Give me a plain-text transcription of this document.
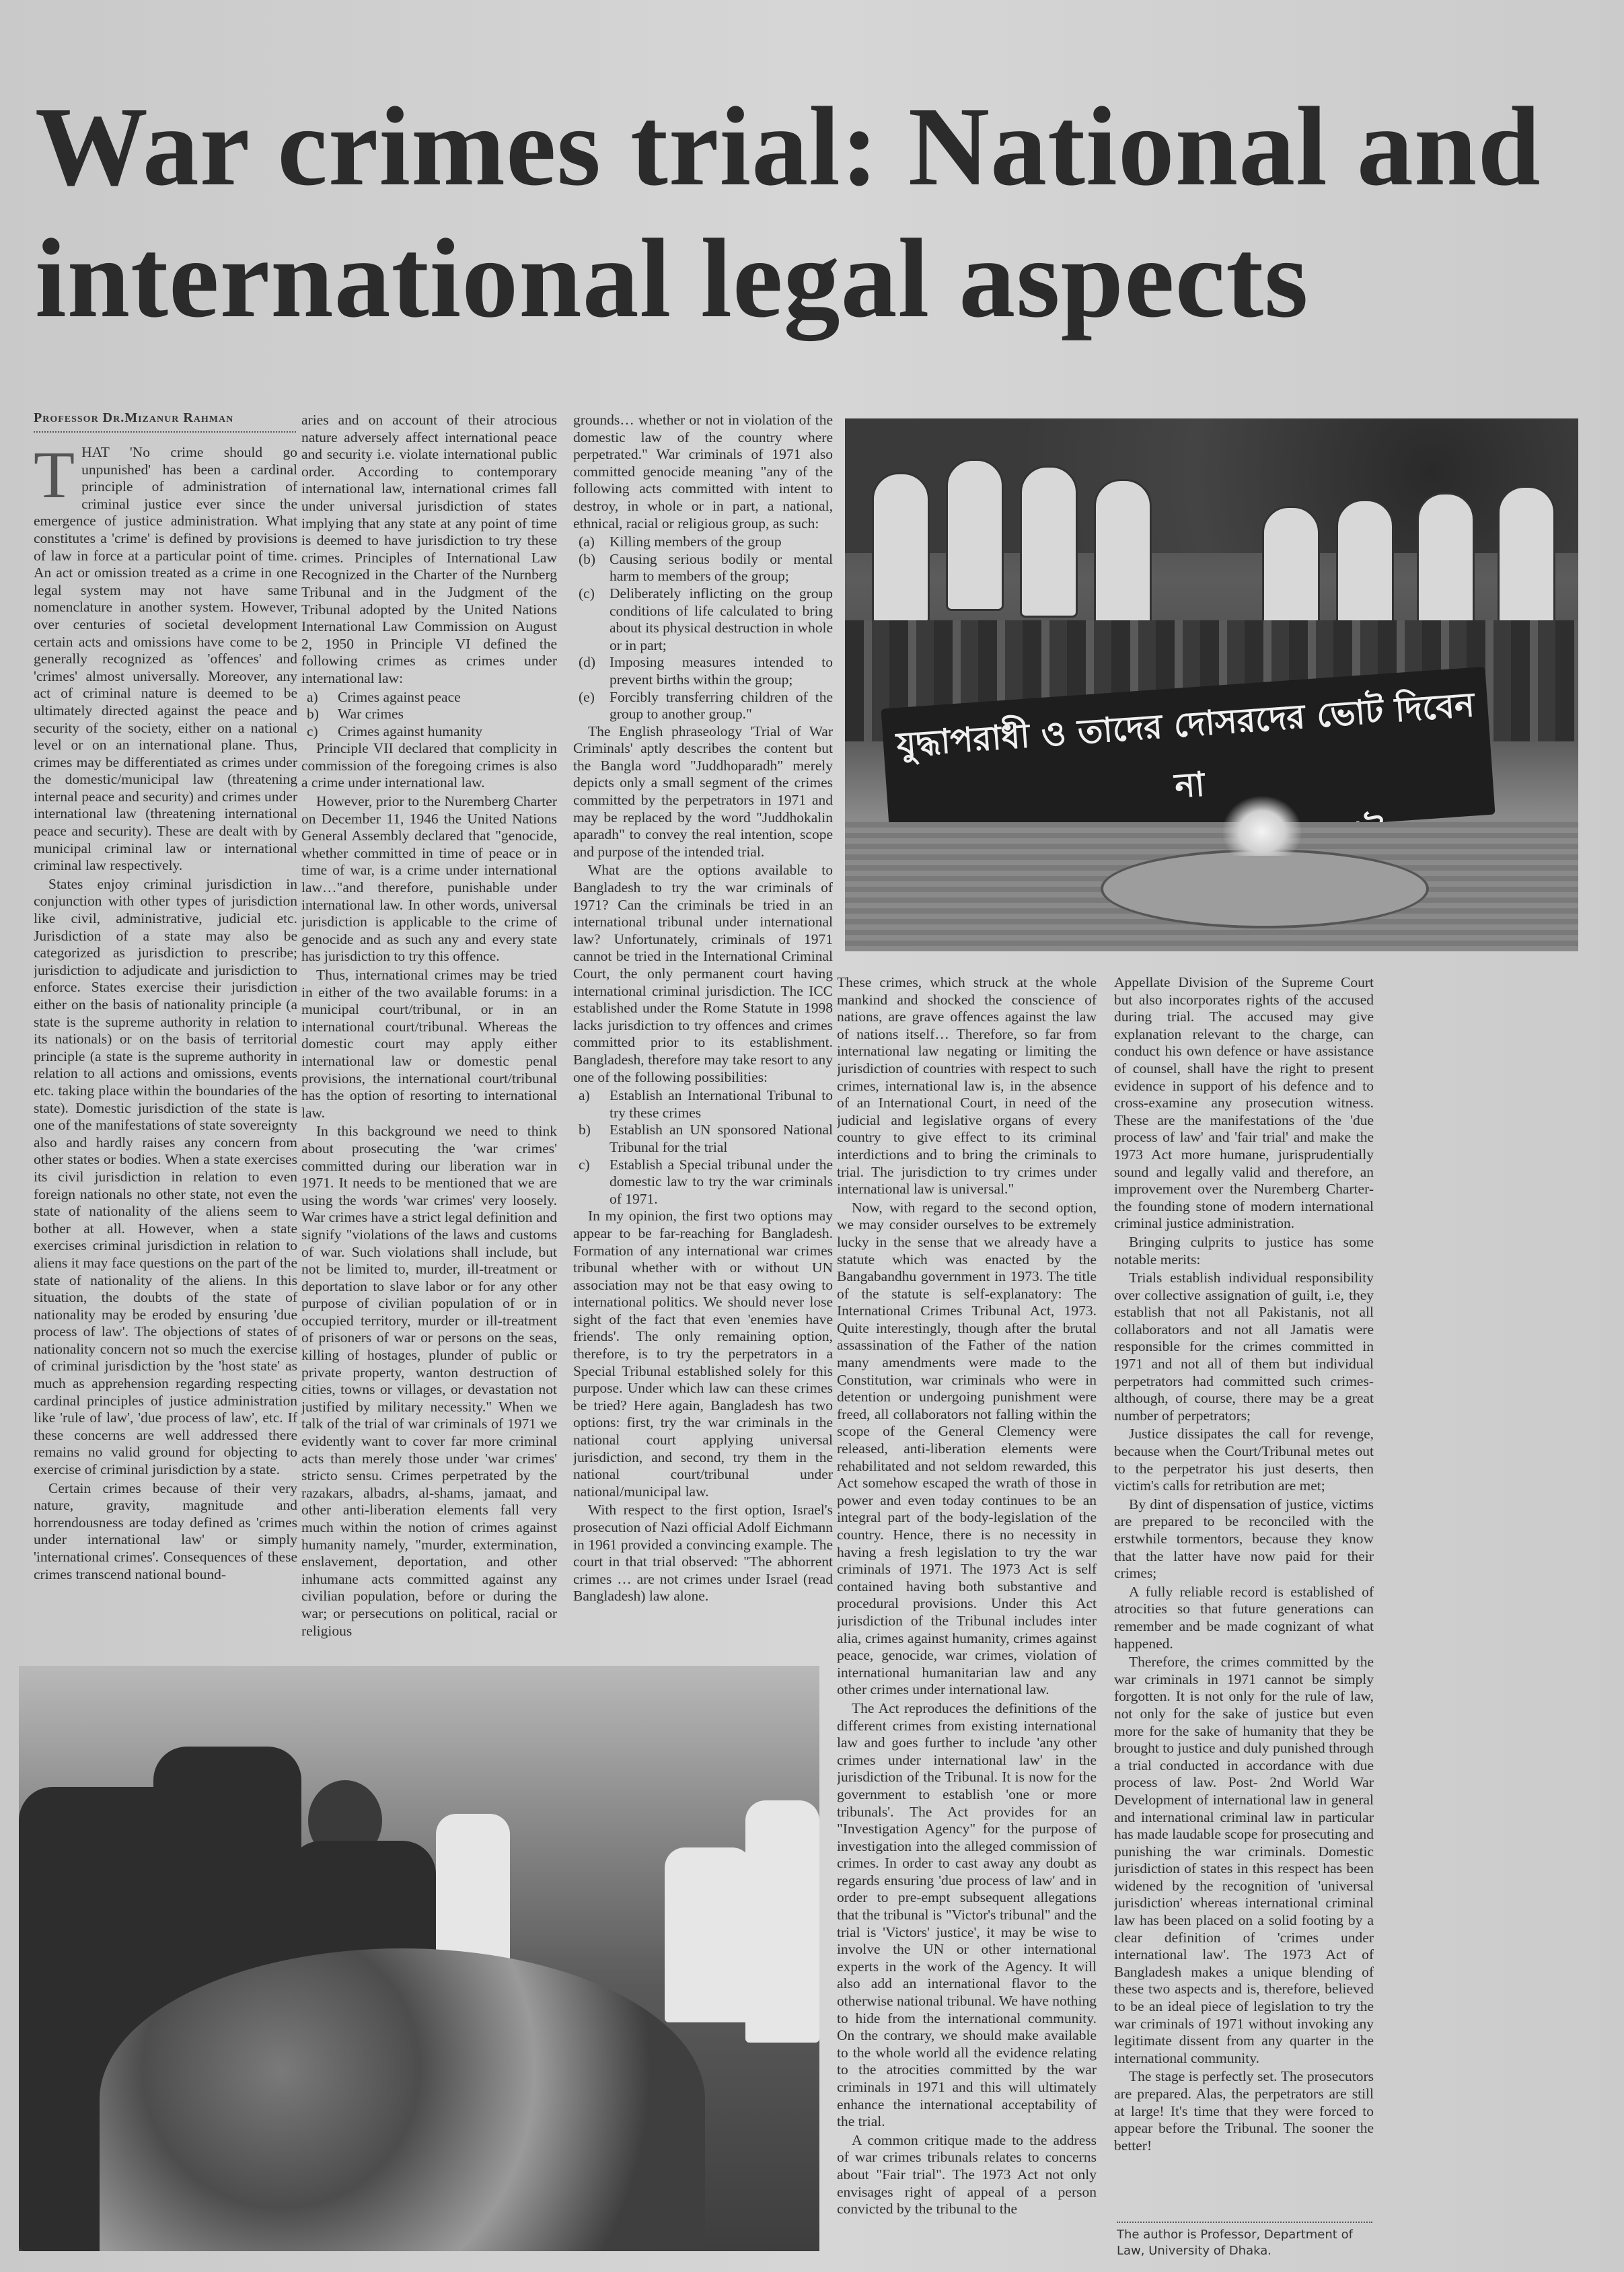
War crimes trial: National and international legal aspects
Professor Dr.Mizanur Rahman
T HAT 'No crime should go unpunished' has been a cardinal principle of administration of criminal justice ever since the emergence of justice administration. What constitutes a 'crime' is defined by provisions of law in force at a particular point of time. An act or omission treated as a crime in one legal system may not have same nomenclature in another system. However, over centuries of societal development certain acts and omissions have come to be generally recognized as 'offences' and 'crimes' almost universally. Moreover, any act of criminal nature is deemed to be ultimately directed against the peace and security of the society, either on a national level or on an international plane. Thus, crimes may be differentiated as crimes under the domestic/municipal law (threatening internal peace and security) and crimes under international law (threatening international peace and security). These are dealt with by municipal criminal law or international criminal law respectively.

States enjoy criminal jurisdiction in conjunction with other types of jurisdiction like civil, administrative, judicial etc. Jurisdiction of a state may also be categorized as jurisdiction to prescribe; jurisdiction to adjudicate and jurisdiction to enforce. States exercise their jurisdiction either on the basis of nationality principle (a state is the supreme authority in relation to its nationals) or on the basis of territorial principle (a state is the supreme authority in relation to all actions and omissions, events etc. taking place within the boundaries of the state). Domestic jurisdiction of the state is one of the manifestations of state sovereignty also and hardly raises any concern from other states or bodies. When a state exercises its civil jurisdiction in relation to even foreign nationals no other state, not even the state of nationality of the aliens seem to bother at all. However, when a state exercises criminal jurisdiction in relation to aliens it may face questions on the part of the state of nationality of the aliens. In this situation, the doubts of the state of nationality may be eroded by ensuring 'due process of law'. The objections of states of nationality concern not so much the exercise of criminal jurisdiction by the 'host state' as much as apprehension regarding respecting cardinal principles of justice administration like 'rule of law', 'due process of law', etc. If these concerns are well addressed there remains no valid ground for objecting to exercise of criminal jurisdiction by a state.

Certain crimes because of their very nature, gravity, magnitude and horrendousness are today defined as 'crimes under international law' or simply 'international crimes'. Consequences of these crimes transcend national bound-

aries and on account of their atrocious nature adversely affect international peace and security i.e. violate international public order. According to contemporary international law, international crimes fall under universal jurisdiction of states implying that any state at any point of time is deemed to have jurisdiction to try these crimes. Principles of International Law Recognized in the Charter of the Nurnberg Tribunal and in the Judgment of the Tribunal adopted by the United Nations International Law Commission on August 2, 1950 in Principle VI defined the following crimes as crimes under international law:

a) Crimes against peace
b) War crimes
c) Crimes against humanity

Principle VII declared that complicity in commission of the foregoing crimes is also a crime under international law.

However, prior to the Nuremberg Charter on December 11, 1946 the United Nations General Assembly declared that "genocide, whether committed in time of peace or in time of war, is a crime under international law…"and therefore, punishable under international law. In other words, universal jurisdiction is applicable to the crime of genocide and as such any and every state has jurisdiction to try this offence.

Thus, international crimes may be tried in either of the two available forums: in a municipal court/tribunal, or in an international court/tribunal. Whereas the domestic court may apply either international law or domestic penal provisions, the international court/tribunal has the option of resorting to international law.

In this background we need to think about prosecuting the 'war crimes' committed during our liberation war in 1971. It needs to be mentioned that we are using the words 'war crimes' very loosely. War crimes have a strict legal definition and signify "violations of the laws and customs of war. Such violations shall include, but not be limited to, murder, ill-treatment or deportation to slave labor or for any other purpose of civilian population of or in occupied territory, murder or ill-treatment of prisoners of war or persons on the seas, killing of hostages, plunder of public or private property, wanton destruction of cities, towns or villages, or devastation not justified by military necessity." When we talk of the trial of war criminals of 1971 we evidently want to cover far more criminal acts than merely those under 'war crimes' stricto sensu. Crimes perpetrated by the razakars, albadrs, al-shams, jamaat, and other anti-liberation elements fall very much within the notion of crimes against humanity namely, "murder, extermination, enslavement, deportation, and other inhumane acts committed against any civilian population, before or during the war; or persecutions on political, racial or religious

grounds… whether or not in violation of the domestic law of the country where perpetrated." War criminals of 1971 also committed genocide meaning "any of the following acts committed with intent to destroy, in whole or in part, a national, ethnical, racial or religious group, as such:

(a) Killing members of the group
(b) Causing serious bodily or mental harm to members of the group;
(c) Deliberately inflicting on the group conditions of life calculated to bring about its physical destruction in whole or in part;
(d) Imposing measures intended to prevent births within the group;
(e) Forcibly transferring children of the group to another group."

The English phraseology 'Trial of War Criminals' aptly describes the content but the Bangla word "Juddhoparadh" merely depicts only a small segment of the crimes committed by the perpetrators in 1971 and may be replaced by the word "Juddhokalin aparadh" to convey the real intention, scope and purpose of the intended trial.

What are the options available to Bangladesh to try the war criminals of 1971? Can the criminals be tried in an international tribunal under international law? Unfortunately, criminals of 1971 cannot be tried in the International Criminal Court, the only permanent court having international criminal jurisdiction. The ICC established under the Rome Statute in 1998 lacks jurisdiction to try offences and crimes committed prior to its establishment. Bangladesh, therefore may take resort to any one of the following possibilities:

a) Establish an International Tribunal to try these crimes
b) Establish an UN sponsored National Tribunal for the trial
c) Establish a Special tribunal under the domestic law to try the war criminals of 1971.

In my opinion, the first two options may appear to be far-reaching for Bangladesh. Formation of any international war crimes tribunal whether with or without UN association may not be that easy owing to international politics. We should never lose sight of the fact that even 'enemies have friends'. The only remaining option, therefore, is to try the perpetrators in a Special Tribunal established solely for this purpose. Under which law can these crimes be tried? Here again, Bangladesh has two options: first, try the war criminals in the national court applying universal jurisdiction, and second, try them in the national court/tribunal under national/municipal law.

With respect to the first option, Israel's prosecution of Nazi official Adolf Eichmann in 1961 provided a convincing example. The court in that trial observed: "The abhorrent crimes … are not crimes under Israel (read Bangladesh) law alone.

যুদ্ধাপরাধী ও তাদের দোসরদের ভোট দিবেন না

These crimes, which struck at the whole mankind and shocked the conscience of nations, are grave offences against the law of nations itself… Therefore, so far from international law negating or limiting the jurisdiction of countries with respect to such crimes, international law is, in the absence of an International Court, in need of the judicial and legislative organs of every country to give effect to its criminal interdictions and to bring the criminals to trial. The jurisdiction to try crimes under international law is universal."

Now, with regard to the second option, we may consider ourselves to be extremely lucky in the sense that we already have a statute which was enacted by the Bangabandhu government in 1973. The title of the statute is self-explanatory: The International Crimes Tribunal Act, 1973. Quite interestingly, though after the brutal assassination of the Father of the nation many amendments were made to the Constitution, war criminals who were in detention or undergoing punishment were freed, all collaborators not falling within the scope of the General Clemency were released, anti-liberation elements were rehabilitated and not seldom rewarded, this Act somehow escaped the wrath of those in power and even today continues to be an integral part of the body-legislation of the country. Hence, there is no necessity in having a fresh legislation to try the war criminals of 1971. The 1973 Act is self contained having both substantive and procedural provisions. Under this Act jurisdiction of the Tribunal includes inter alia, crimes against humanity, crimes against peace, genocide, war crimes, violation of international humanitarian law and any other crimes under international law.

The Act reproduces the definitions of the different crimes from existing international law and goes further to include 'any other crimes under international law' in the jurisdiction of the Tribunal. It is now for the government to establish 'one or more tribunals'. The Act provides for an "Investigation Agency" for the purpose of investigation into the alleged commission of crimes. In order to cast away any doubt as regards ensuring 'due process of law' and in order to pre-empt subsequent allegations that the tribunal is "Victor's tribunal" and the trial is 'Victors' justice', it may be wise to involve the UN or other international experts in the work of the Agency. It will also add an international flavor to the otherwise national tribunal. We have nothing to hide from the international community. On the contrary, we should make available to the whole world all the evidence relating to the atrocities committed by the war criminals in 1971 and this will ultimately enhance the international acceptability of the trial.

A common critique made to the address of war crimes tribunals relates to concerns about "Fair trial". The 1973 Act not only envisages right of appeal of a person convicted by the tribunal to the

Appellate Division of the Supreme Court but also incorporates rights of the accused during trial. The accused may give explanation relevant to the charge, can conduct his own defence or have assistance of counsel, shall have the right to present evidence in support of his defence and to cross-examine any prosecution witness. These are the manifestations of the 'due process of law' and 'fair trial' and make the 1973 Act more humane, jurisprudentially sound and legally valid and therefore, an improvement over the Nuremberg Charter- the founding stone of modern international criminal justice administration.

Bringing culprits to justice has some notable merits:

Trials establish individual responsibility over collective assignation of guilt, i.e, they establish that not all Pakistanis, not all collaborators and not all Jamatis were responsible for the crimes committed in 1971 and not all of them but individual perpetrators had committed such crimes- although, of course, there may be a great number of perpetrators;

Justice dissipates the call for revenge, because when the Court/Tribunal metes out to the perpetrator his just deserts, then victim's calls for retribution are met;

By dint of dispensation of justice, victims are prepared to be reconciled with the erstwhile tormentors, because they know that the latter have now paid for their crimes;

A fully reliable record is established of atrocities so that future generations can remember and be made cognizant of what happened.

Therefore, the crimes committed by the war criminals in 1971 cannot be simply forgotten. It is not only for the rule of law, not only for the sake of justice but even more for the sake of humanity that they be brought to justice and duly punished through a trial conducted in accordance with due process of law. Post- 2nd World War Development of international law in general and international criminal law in particular has made laudable scope for prosecuting and punishing the war criminals. Domestic jurisdiction of states in this respect has been widened by the recognition of 'universal jurisdiction' whereas international criminal law has been placed on a solid footing by a clear definition of 'crimes under international law'. The 1973 Act of Bangladesh makes a unique blending of these two aspects and is, therefore, believed to be an ideal piece of legislation to try the war criminals of 1971 without invoking any legitimate dissent from any quarter in the international community.

The stage is perfectly set. The prosecutors are prepared. Alas, the perpetrators are still at large! It's time that they were forced to appear before the Tribunal. The sooner the better!

The author is Professor, Department of Law, University of Dhaka.
